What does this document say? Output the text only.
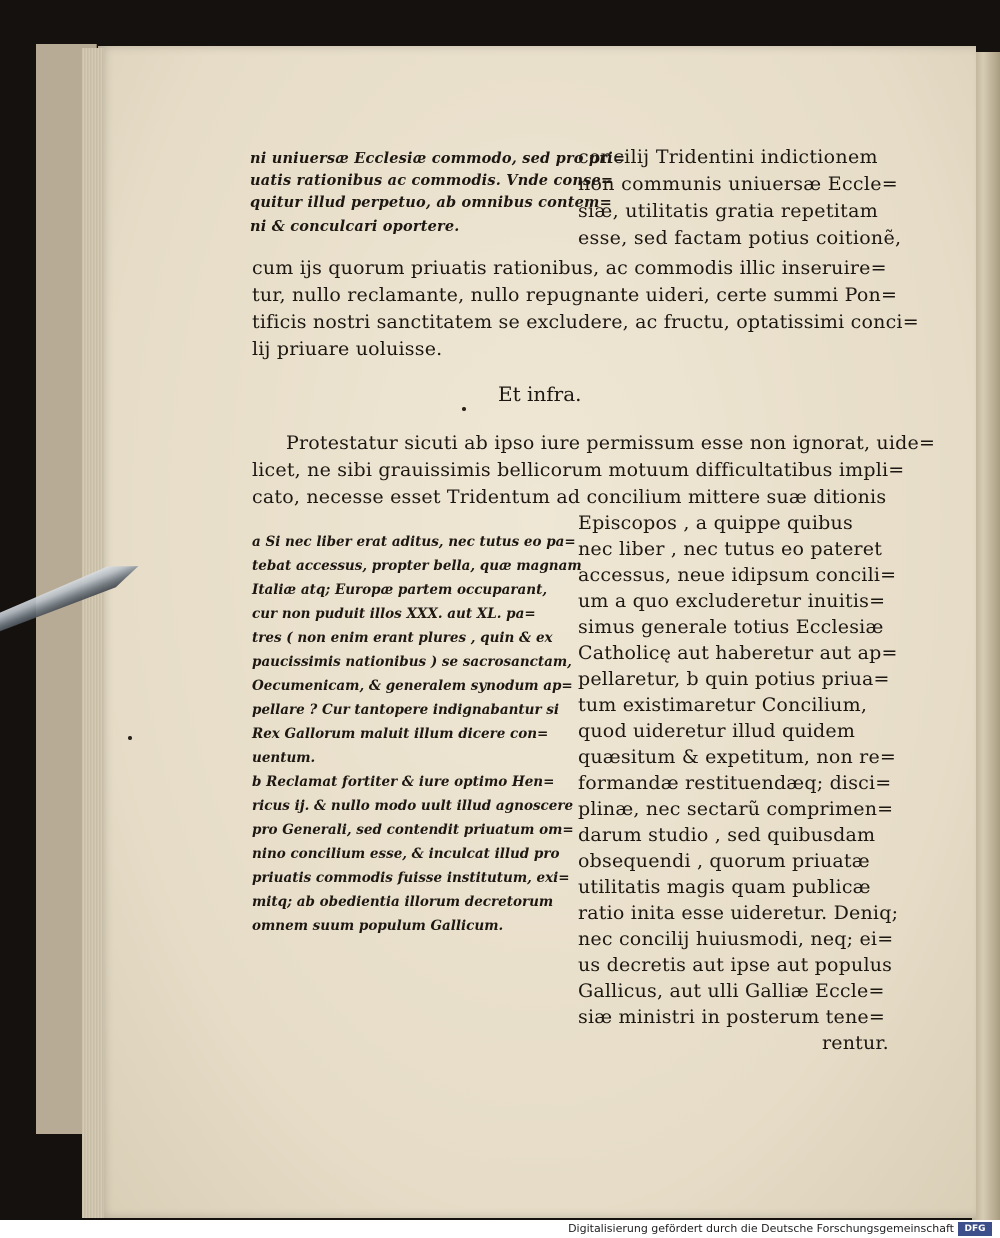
ni uniuersæ Ecclesiæ commodo, sed pro pri=
uatis rationibus ac commodis. Vnde conse=
quitur illud perpetuo, ab omnibus contem=
ni & conculcari oportere.
concilij Tridentini indictionem
non communis uniuersæ Eccle=
siæ, utilitatis gratia repetitam
esse, sed factam potius coitionẽ,
cum ijs quorum priuatis rationibus, ac commodis illic inseruire=
tur, nullo reclamante, nullo repugnante uideri, certe summi Pon=
tificis nostri sanctitatem se excludere, ac fructu, optatissimi conci=
lij priuare uoluisse.
Et infra.
Protestatur sicuti ab ipso iure permissum esse non ignorat, uide=
licet, ne sibi grauissimis bellicorum motuum difficultatibus impli=
cato, necesse esset Tridentum ad concilium mittere suæ ditionis
a Si nec liber erat aditus, nec tutus eo pa=
tebat accessus, propter bella, quæ magnam
Italiæ atq; Europæ partem occuparant,
cur non puduit illos XXX. aut XL. pa=
tres ( non enim erant plures , quin & ex
paucissimis nationibus ) se sacrosanctam,
Oecumenicam, & generalem synodum ap=
pellare ? Cur tantopere indignabantur si
Rex Gallorum maluit illum dicere con=
uentum.
b Reclamat fortiter & iure optimo Hen=
ricus ij. & nullo modo uult illud agnoscere
pro Generali, sed contendit priuatum om=
nino concilium esse, & inculcat illud pro
priuatis commodis fuisse institutum, exi=
mitq; ab obedientia illorum decretorum
omnem suum populum Gallicum.
Episcopos , a quippe quibus
nec liber , nec tutus eo pateret
accessus, neue idipsum concili=
um a quo excluderetur inuitis=
simus generale totius Ecclesiæ
Catholicę aut haberetur aut ap=
pellaretur, b quin potius priua=
tum existimaretur Concilium,
quod uideretur illud quidem
quæsitum & expetitum, non re=
formandæ restituendæq; disci=
plinæ, nec sectarũ comprimen=
darum studio , sed quibusdam
obsequendi , quorum priuatæ
utilitatis magis quam publicæ
ratio inita esse uideretur. Deniq;
nec concilij huiusmodi, neq; ei=
us decretis aut ipse aut populus
Gallicus, aut ulli Galliæ Eccle=
siæ ministri in posterum tene=
rentur.
Digitalisierung gefördert durch die Deutsche Forschungsgemeinschaft	DFG
